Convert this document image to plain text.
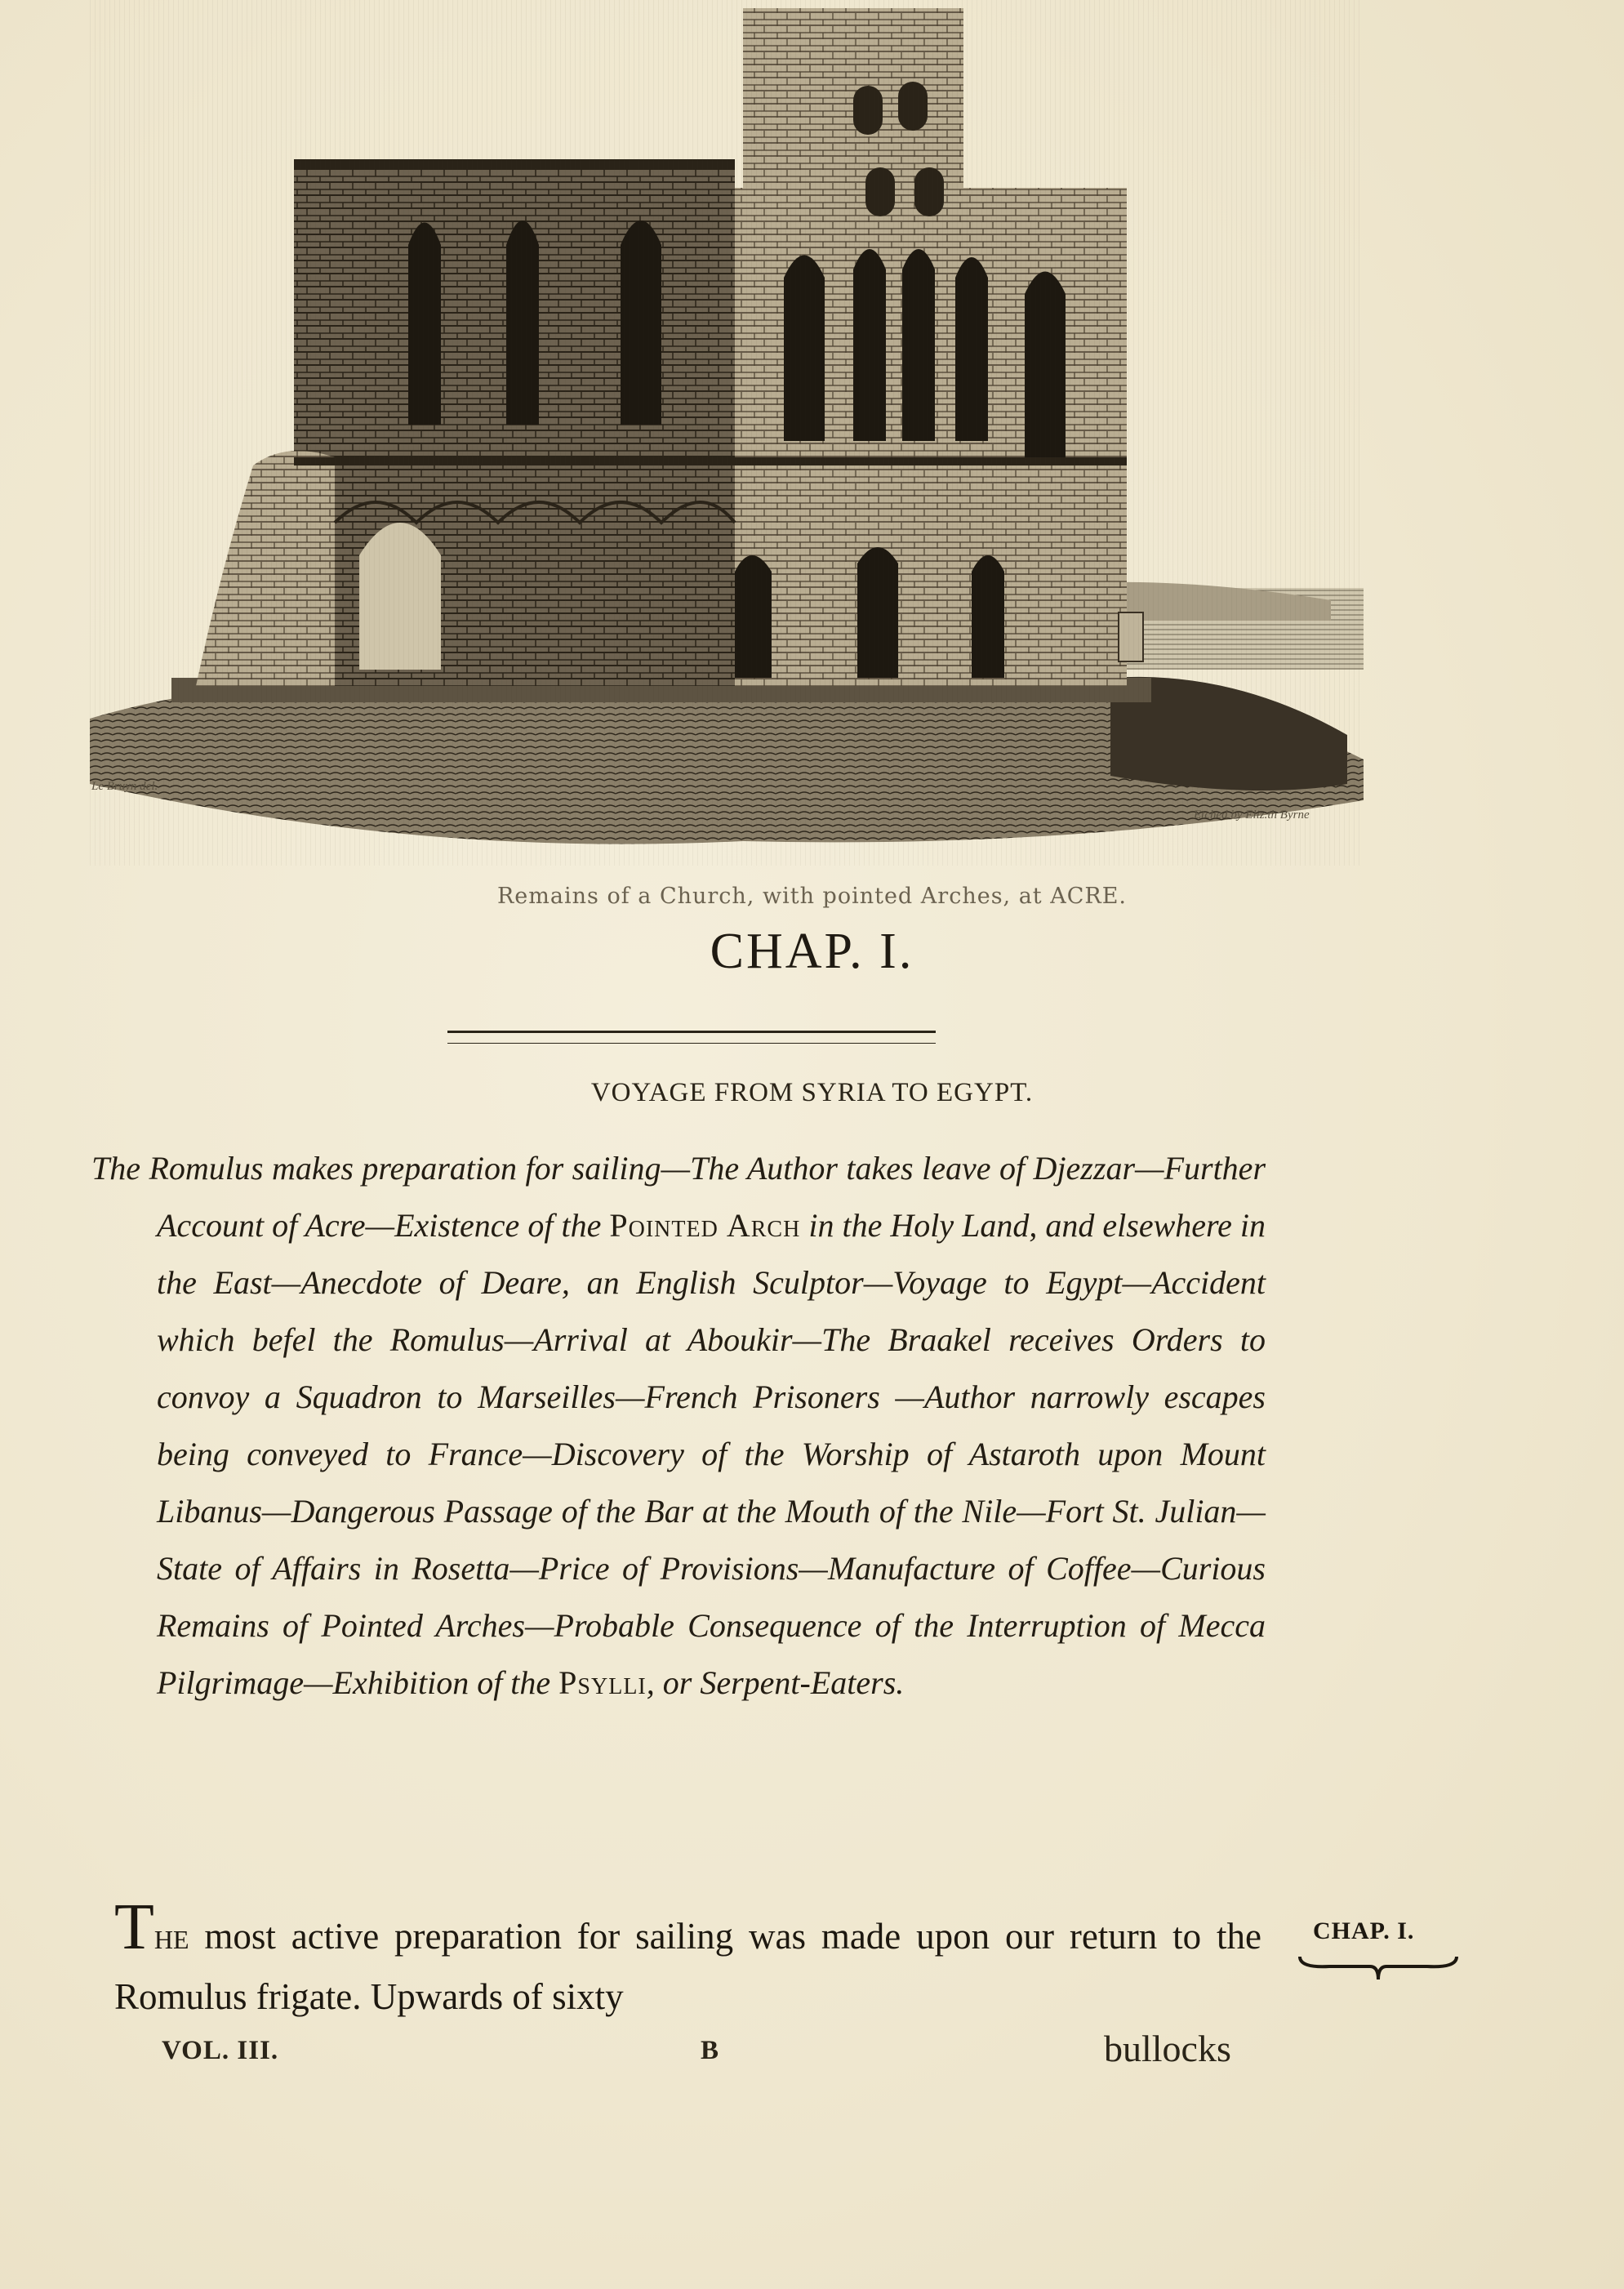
Le Bruyn del.
Etched by Eliz.th Byrne
Remains of a Church, with pointed Arches, at ACRE.
CHAP. I.
VOYAGE FROM SYRIA TO EGYPT.
The Romulus makes preparation for sailing—The Author takes leave of Djezzar—Further Account of Acre—Existence of the Pointed Arch in the Holy Land, and elsewhere in the East—Anecdote of Deare, an English Sculptor—Voyage to Egypt—Accident which befel the Romulus—Arrival at Aboukir—The Braakel receives Orders to convoy a Squadron to Marseilles—French Prisoners —Author narrowly escapes being conveyed to France—Discovery of the Worship of Astaroth upon Mount Libanus—Dangerous Passage of the Bar at the Mouth of the Nile—Fort St. Julian—State of Affairs in Rosetta—Price of Provisions—Manufacture of Coffee—Curious Remains of Pointed Arches—Probable Consequence of the Interruption of Mecca Pilgrimage—Exhibition of the Psylli, or Serpent-Eaters.
The most active preparation for sailing was made upon our return to the Romulus frigate. Upwards of sixty
CHAP. I.
VOL. III.	B	bullocks
